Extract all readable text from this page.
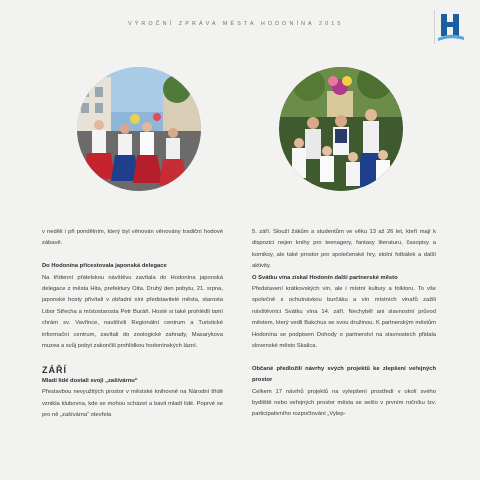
VÝROČNÍ ZPRÁVA MĚSTA HODONÍNA 2015

v neděli i při pondělním, který byl věnován věnovány tradiční hodové zábavě.

Do Hodonína přicestovala japonská delegace

Na třídenní přátelskou návštěvu zavítala do Hodonína japonská delegace z města Hita, prefektury Oita. Druhý den pobytu, 21. srpna, japonské hosty přivítali v obřadní síni představitelé města, starosta Libor Střecha a místostarosta Petr Buráň. Hosté si také prohlédli tamí chrám sv. Vavřince, navštívili Regionální centrum a Turistické informační centrum, zavítali do zoologické zahrady, Masarykova muzea a svůj pobyt zakončili prohlídkou hodonínských lázní.

ZÁŘÍ

Mladí lidé dostali svoji „zašívárnu“

Přestavbou nevyužitých prostor v městské knihovně na Národní třídě vznikla klubovna, kde se mohou scházet a bavit mladí lidé. Poprvé se pro ně „zašívárna“ otevřela

5. září. Slouží žákům a studentům ve věku 13 až 26 let, kteří mají k dispozici nejen knihy pro teenagery, fantasy literaturu, časopisy a komiksy, ale také prostor pro společenské hry, stolní fotbálek a další aktivity.

O Svátku vína získal Hodonín další partnerské město

Představení krátkovských vín, ale i místní kultury a folkloru. To vše společně s ochutnávkou burčáku a vín místních vinařů zažili návštěvníci Svátku vína 14. září. Nechyběl ani slavnostní průvod městem, který vedli Bakchus se svou družinou. K partnerským městům Hodonína se podpisem Dohody o partnerství na slavnostech přidala slovenské město Skalica.

Občané předložili návrhy svých projektů ke zlepšení veřejných prostor

Celkem 17 návrhů projektů na vylepšení prostředí v okolí svého bydliště nebo veřejných prostor města se sešlo v prvním ročníku tzv. participativního rozpočtování „Vylep-
